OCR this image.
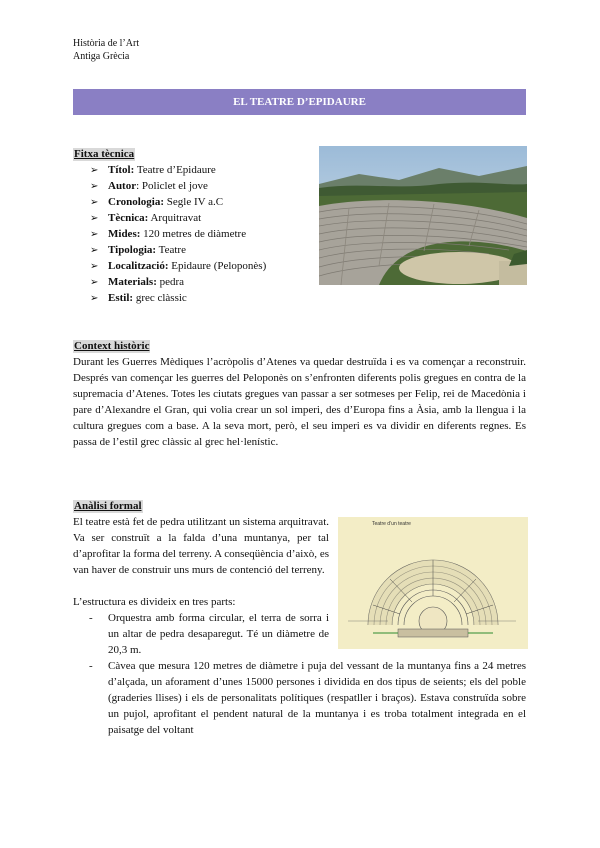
Història de l’Art
Antiga Grècia
EL TEATRE D’EPIDAURE
Fitxa tècnica
➢ Títol: Teatre d’Epidaure
➢ Autor: Policlet el jove
➢ Cronologia: Segle IV a.C
➢ Tècnica: Arquitravat
➢ Mides: 120 metres de diàmetre
➢ Tipologia: Teatre
➢ Localització: Epidaure (Peloponès)
➢ Materials: pedra
➢ Estil: grec clàssic
Context històric
Durant les Guerres Mèdiques l’acròpolis d’Atenes va quedar destruïda i es va començar a reconstruir. Després van començar les guerres del Peloponès on s’enfronten diferents polis gregues en contra de la supremacia d’Atenes. Totes les ciutats gregues van passar a ser sotmeses per Felip, rei de Macedònia i pare d’Alexandre el Gran, qui volia crear un sol imperi, des d’Europa fins a Àsia, amb la llengua i la cultura gregues com a base. A la seva mort, però, el seu imperi es va dividir en diferents regnes. Es passa de l’estil grec clàssic al grec hel·lenístic.
Anàlisi formal
El teatre està fet de pedra utilitzant un sistema arquitravat. Va ser construït a la falda d’una muntanya, per tal d’aprofitar la forma del terreny. A conseqüència d’això, es van haver de construir uns murs de contenció del terreny.
L’estructura es divideix en tres parts:
-	Orquestra amb forma circular, el terra de sorra i un altar de pedra desaparegut. Té un diàmetre de 20,3 m.
-	Càvea que mesura 120 metres de diàmetre i puja del vessant de la muntanya fins a 24 metres d’alçada, un aforament d’unes 15000 persones i dividida en dos tipus de seients; els del poble (graderies llises) i els de personalitats polítiques (respatller i braços). Estava construïda sobre un pujol, aprofitant el pendent natural de la muntanya i es troba totalment integrada en el paisatge del voltant
Teatre d’un teatre
